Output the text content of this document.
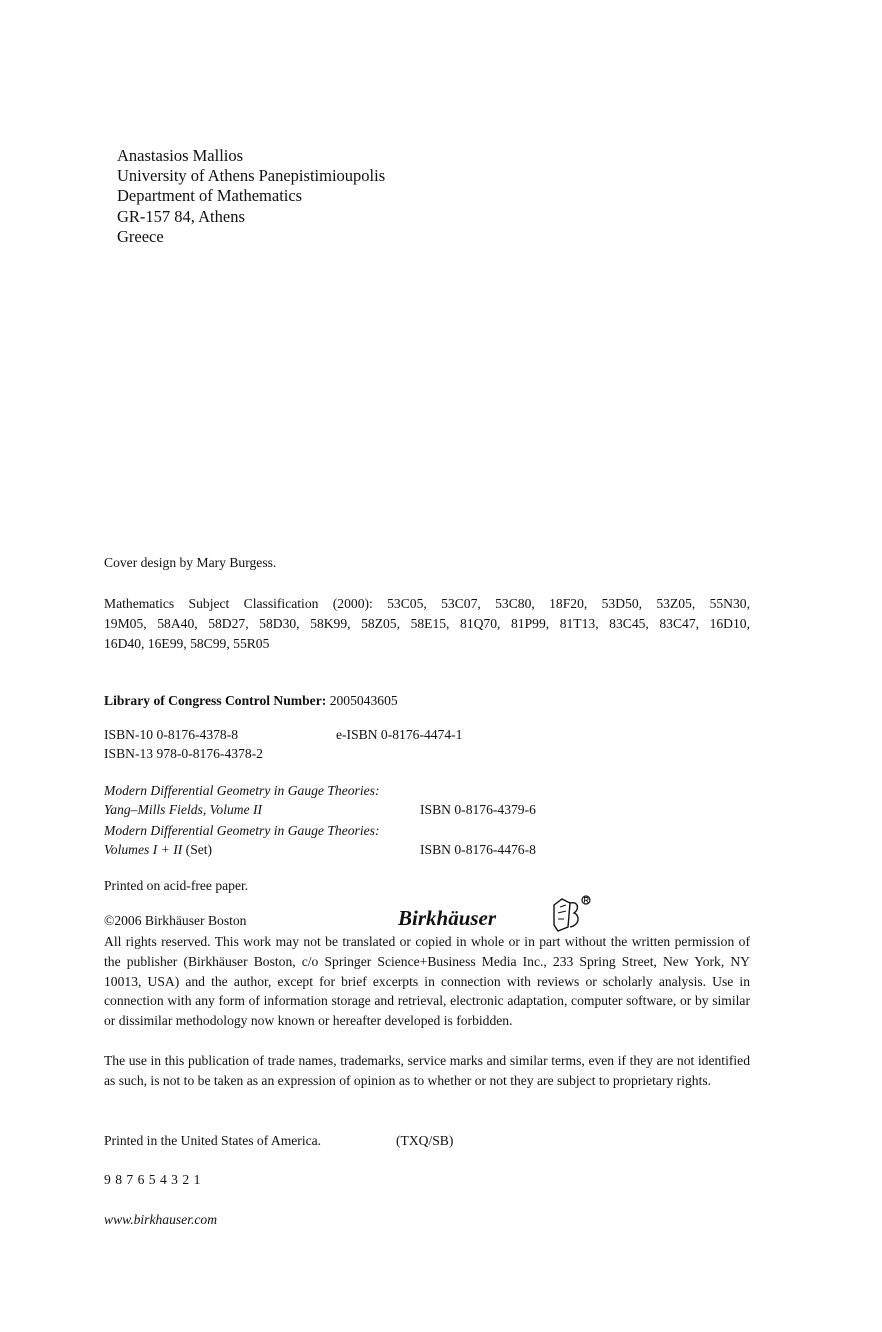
Anastasios Mallios
University of Athens Panepistimioupolis
Department of Mathematics
GR-157 84, Athens
Greece
Cover design by Mary Burgess.
Mathematics Subject Classification (2000): 53C05, 53C07, 53C80, 18F20, 53D50, 53Z05, 55N30,
19M05, 58A40, 58D27, 58D30, 58K99, 58Z05, 58E15, 81Q70, 81P99, 81T13, 83C45, 83C47, 16D10,
16D40, 16E99, 58C99, 55R05
Library of Congress Control Number: 2005043605
ISBN-10 0-8176-4378-8	e-ISBN 0-8176-4474-1
ISBN-13 978-0-8176-4378-2
Modern Differential Geometry in Gauge Theories:
Yang–Mills Fields, Volume II	ISBN 0-8176-4379-6
Modern Differential Geometry in Gauge Theories:
Volumes I + II (Set)	ISBN 0-8176-4476-8
Printed on acid-free paper.
©2006 Birkhäuser Boston	Birkhäuser
All rights reserved. This work may not be translated or copied in whole or in part without the written permission of the publisher (Birkhäuser Boston, c/o Springer Science+Business Media Inc., 233 Spring Street, New York, NY 10013, USA) and the author, except for brief excerpts in connection with reviews or scholarly analysis. Use in connection with any form of information storage and retrieval, electronic adaptation, computer software, or by similar or dissimilar methodology now known or hereafter developed is forbidden.
The use in this publication of trade names, trademarks, service marks and similar terms, even if they are not identified as such, is not to be taken as an expression of opinion as to whether or not they are subject to proprietary rights.
Printed in the United States of America.	(TXQ/SB)
9 8 7 6 5 4 3 2 1
www.birkhauser.com
